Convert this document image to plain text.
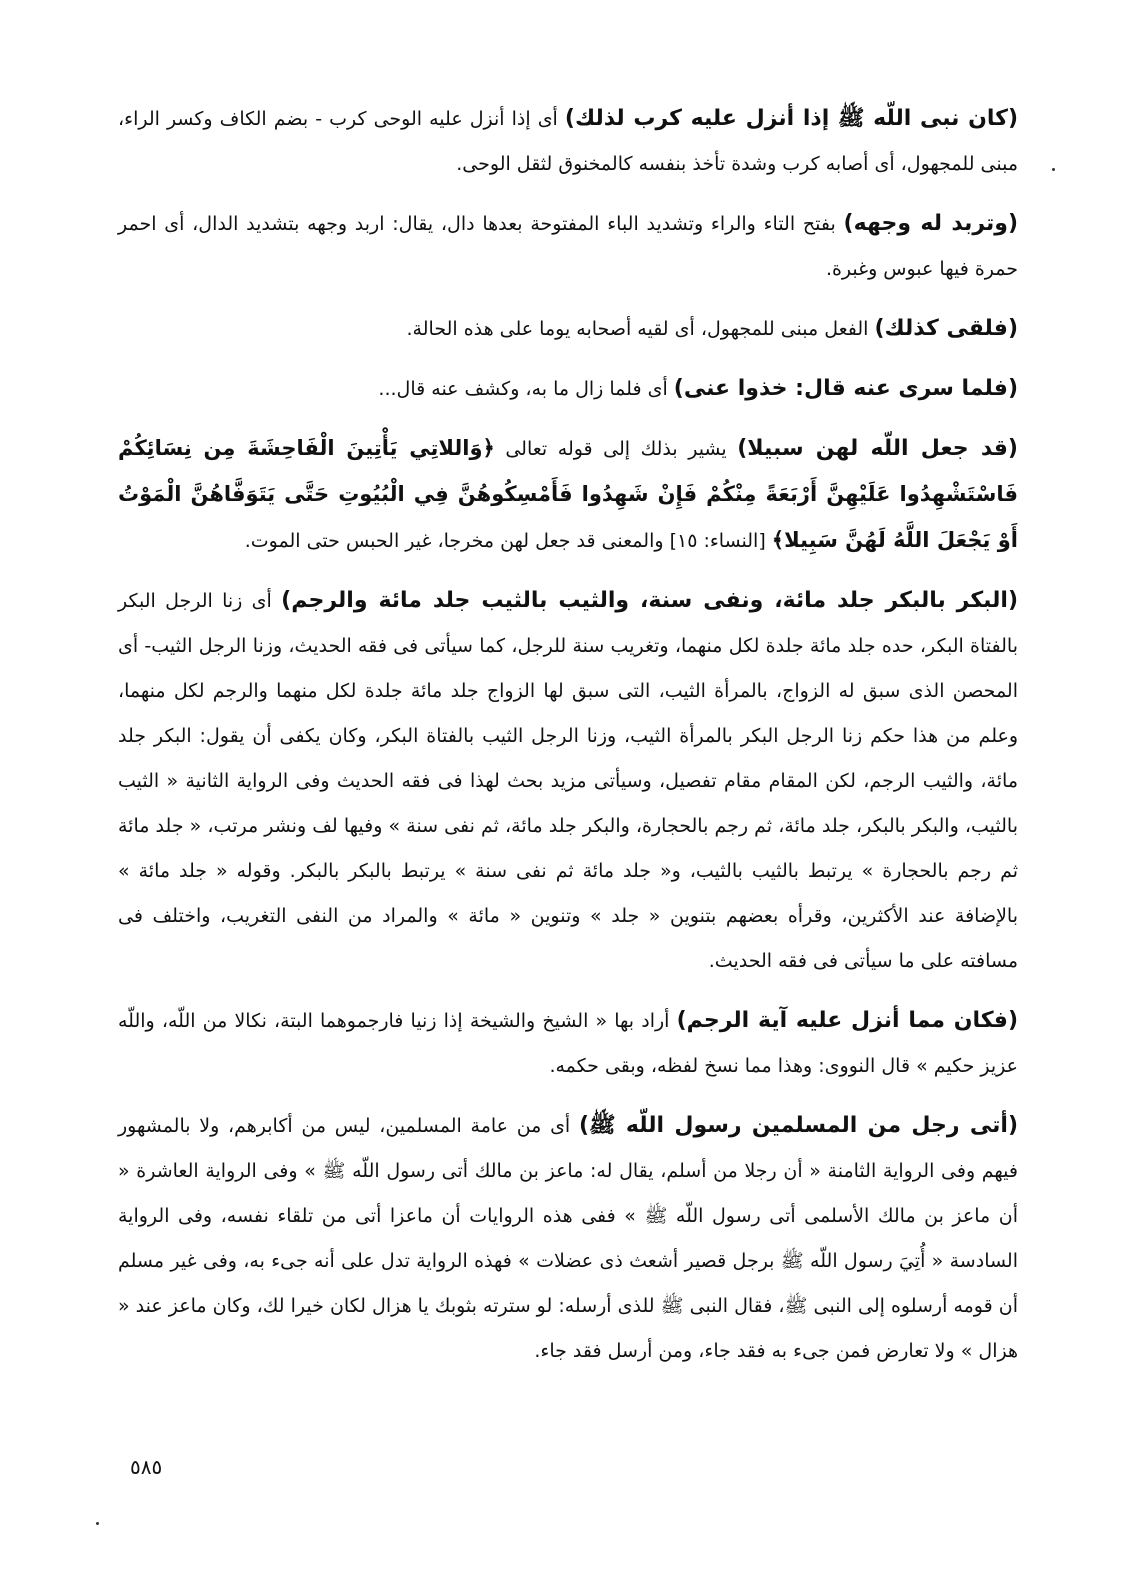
(كان نبى اللّه ﷺ إذا أنزل عليه كرب لذلك) أى إذا أنزل عليه الوحى كرب - بضم الكاف وكسر الراء، مبنى للمجهول، أى أصابه كرب وشدة تأخذ بنفسه كالمخنوق لثقل الوحى.

(وتربد له وجهه) بفتح التاء والراء وتشديد الباء المفتوحة بعدها دال، يقال: اربد وجهه بتشديد الدال، أى احمر حمرة فيها عبوس وغبرة.

(فلقى كذلك) الفعل مبنى للمجهول، أى لقيه أصحابه يوما على هذه الحالة.

(فلما سرى عنه قال: خذوا عنى) أى فلما زال ما به، وكشف عنه قال...

(قد جعل اللّه لهن سبيلا) يشير بذلك إلى قوله تعالى ﴿وَاللاتِي يَأْتِينَ الْفَاحِشَةَ مِن نِسَائِكُمْ فَاسْتَشْهِدُوا عَلَيْهِنَّ أَرْبَعَةً مِنْكُمْ فَإِنْ شَهِدُوا فَأَمْسِكُوهُنَّ فِي الْبُيُوتِ حَتَّى يَتَوَفَّاهُنَّ الْمَوْتُ أَوْ يَجْعَلَ اللَّهُ لَهُنَّ سَبِيلا﴾ [النساء: ١٥] والمعنى قد جعل لهن مخرجا، غير الحبس حتى الموت.

(البكر بالبكر جلد مائة، ونفى سنة، والثيب بالثيب جلد مائة والرجم) أى زنا الرجل البكر بالفتاة البكر، حده جلد مائة جلدة لكل منهما، وتغريب سنة للرجل، كما سيأتى فى فقه الحديث، وزنا الرجل الثيب- أى المحصن الذى سبق له الزواج، بالمرأة الثيب، التى سبق لها الزواج جلد مائة جلدة لكل منهما والرجم لكل منهما، وعلم من هذا حكم زنا الرجل البكر بالمرأة الثيب، وزنا الرجل الثيب بالفتاة البكر، وكان يكفى أن يقول: البكر جلد مائة، والثيب الرجم، لكن المقام مقام تفصيل، وسيأتى مزيد بحث لهذا فى فقه الحديث وفى الرواية الثانية « الثيب بالثيب، والبكر بالبكر، جلد مائة، ثم رجم بالحجارة، والبكر جلد مائة، ثم نفى سنة » وفيها لف ونشر مرتب، « جلد مائة ثم رجم بالحجارة » يرتبط بالثيب بالثيب، و« جلد مائة ثم نفى سنة » يرتبط بالبكر بالبكر. وقوله « جلد مائة » بالإضافة عند الأكثرين، وقرأه بعضهم بتنوين « جلد » وتنوين « مائة » والمراد من النفى التغريب، واختلف فى مسافته على ما سيأتى فى فقه الحديث.

(فكان مما أنزل عليه آية الرجم) أراد بها « الشيخ والشيخة إذا زنيا فارجموهما البتة، نكالا من اللّه، واللّه عزيز حكيم » قال النووى: وهذا مما نسخ لفظه، وبقى حكمه.

(أتى رجل من المسلمين رسول اللّه ﷺ) أى من عامة المسلمين، ليس من أكابرهم، ولا بالمشهور فيهم وفى الرواية الثامنة « أن رجلا من أسلم، يقال له: ماعز بن مالك أتى رسول اللّه ﷺ » وفى الرواية العاشرة « أن ماعز بن مالك الأسلمى أتى رسول اللّه ﷺ » ففى هذه الروايات أن ماعزا أتى من تلقاء نفسه، وفى الرواية السادسة « أُتِيَ رسول اللّه ﷺ برجل قصير أشعث ذى عضلات » فهذه الرواية تدل على أنه جىء به، وفى غير مسلم أن قومه أرسلوه إلى النبى ﷺ، فقال النبى ﷺ للذى أرسله: لو سترته بثوبك يا هزال لكان خيرا لك، وكان ماعز عند « هزال » ولا تعارض فمن جىء به فقد جاء، ومن أرسل فقد جاء.

٥٨٥
